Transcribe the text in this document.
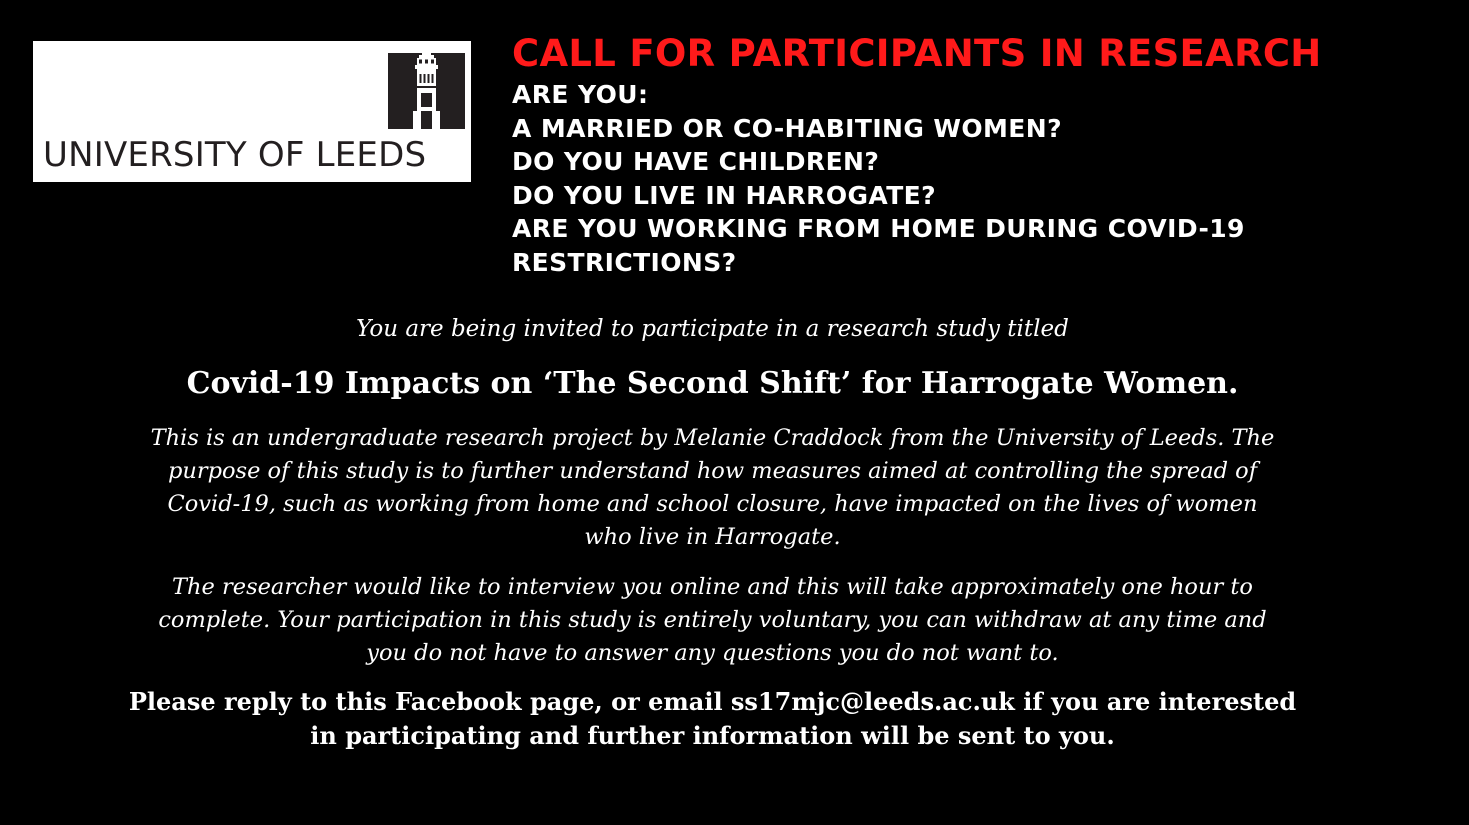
UNIVERSITY OF LEEDS
CALL FOR PARTICIPANTS IN RESEARCH
ARE YOU:
A MARRIED OR CO-HABITING WOMEN?
DO YOU HAVE CHILDREN?
DO YOU LIVE IN HARROGATE?
ARE YOU WORKING FROM HOME DURING COVID-19
RESTRICTIONS?
You are being invited to participate in a research study titled
Covid-19 Impacts on ‘The Second Shift’ for Harrogate Women.
This is an undergraduate research project by Melanie Craddock from the University of Leeds. The
purpose of this study is to further understand how measures aimed at controlling the spread of
Covid-19, such as working from home and school closure, have impacted on the lives of women
who live in Harrogate.
The researcher would like to interview you online and this will take approximately one hour to
complete. Your participation in this study is entirely voluntary, you can withdraw at any time and
you do not have to answer any questions you do not want to.
Please reply to this Facebook page, or email ss17mjc@leeds.ac.uk if you are interested
in participating and further information will be sent to you.
